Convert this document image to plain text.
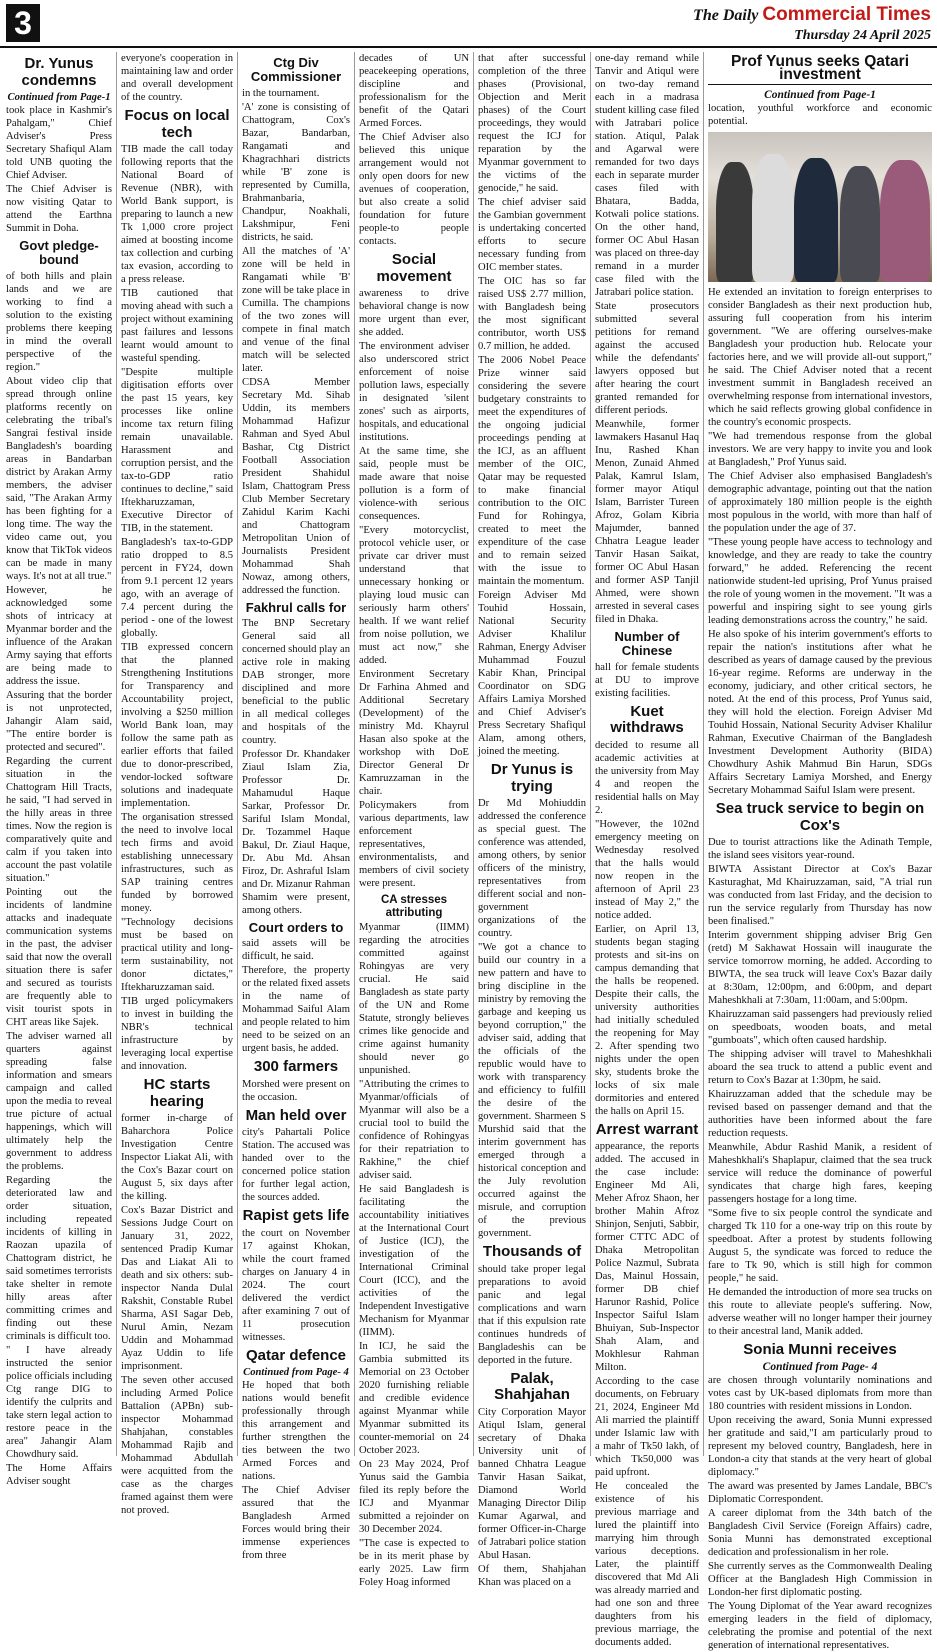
3	The Daily Commercial Times
Thursday 24 April 2025
Dr. Yunus condemns
Continued from Page-1

took place in Kashmir's Pahalgam," Chief Adviser's Press Secretary Shafiqul Alam told UNB quoting the Chief Adviser.

The Chief Adviser is now visiting Qatar to attend the Earthna Summit in Doha.

Govt pledge-bound

of both hills and plain lands and we are working to find a solution to the existing problems there keeping in mind the overall perspective of the region."

About video clip that spread through online platforms recently on celebrating the tribal's Sangrai festival inside Bangladesh's boarding areas in Bandarban district by Arakan Army members, the adviser said, "The Arakan Army has been fighting for a long time. The way the video came out, you know that TikTok videos can be made in many ways. It's not at all true."

However, he acknowledged some shots of intricacy at Myanmar border and the influence of the Arakan Army saying that efforts are being made to address the issue.

Assuring that the border is not unprotected, Jahangir Alam said, "The entire border is protected and secured".

Regarding the current situation in the Chattogram Hill Tracts, he said, "I had served in the hilly areas in three times. Now the region is comparatively quite and calm if you taken into account the past volatile situation."

Pointing out the incidents of landmine attacks and inadequate communication systems in the past, the adviser said that now the overall situation there is safer and secured as tourists are frequently able to visit tourist spots in CHT areas like Sajek.

The adviser warned all quarters against spreading false information and smears campaign and called upon the media to reveal true picture of actual happenings, which will ultimately help the government to address the problems.

Regarding the deteriorated law and order situation, including repeated incidents of killing in Raozan upazila of Chattogram district, he said sometimes terrorists take shelter in remote hilly areas after committing crimes and finding out these criminals is difficult too.

" I have already instructed the senior police officials including Ctg range DIG to identify the culprits and take stern legal action to restore peace in the area" Jahangir Alam Chowdhury said.

The Home Affairs Adviser sought

everyone's cooperation in maintaining law and order and overall development of the country.

Focus on local tech

TIB made the call today following reports that the National Board of Revenue (NBR), with World Bank support, is preparing to launch a new Tk 1,000 crore project aimed at boosting income tax collection and curbing tax evasion, according to a press release.

TIB cautioned that moving ahead with such a project without examining past failures and lessons learnt would amount to wasteful spending.

"Despite multiple digitisation efforts over the past 15 years, key processes like online income tax return filing remain unavailable. Harassment and corruption persist, and the tax-to-GDP ratio continues to decline," said Iftekharuzzaman, Executive Director of TIB, in the statement.

Bangladesh's tax-to-GDP ratio dropped to 8.5 percent in FY24, down from 9.1 percent 12 years ago, with an average of 7.4 percent during the period - one of the lowest globally.

TIB expressed concern that the planned Strengthening Institutions for Transparency and Accountability project, involving a $250 million World Bank loan, may follow the same path as earlier efforts that failed due to donor-prescribed, vendor-locked software solutions and inadequate implementation.

The organisation stressed the need to involve local tech firms and avoid establishing unnecessary infrastructures, such as SAP training centres funded by borrowed money.

"Technology decisions must be based on practical utility and long-term sustainability, not donor dictates," Iftekharuzzaman said.

TIB urged policymakers to invest in building the NBR's technical infrastructure by leveraging local expertise and innovation.

HC starts hearing

former in-charge of Baharchora Police Investigation Centre Inspector Liakat Ali, with the Cox's Bazar court on August 5, six days after the killing.

Cox's Bazar District and Sessions Judge Court on January 31, 2022, sentenced Pradip Kumar Das and Liakat Ali to death and six others: sub-inspector Nanda Dulal Rakshit, Constable Rubel Sharma, ASI Sagar Deb, Nurul Amin, Nezam Uddin and Mohammad Ayaz Uddin to life imprisonment.

The seven other accused including Armed Police Battalion (APBn) sub-inspector Mohammad Shahjahan, constables Mohammad Rajib and Mohammad Abdullah were acquitted from the case as the charges framed against them were not proved.

Ctg Div Commissioner

in the tournament.

'A' zone is consisting of Chattogram, Cox's Bazar, Bandarban, Rangamati and Khagrachhari districts while 'B' zone is represented by Cumilla, Brahmanbaria, Chandpur, Noakhali, Lakshmipur, Feni districts, he said.

All the matches of 'A' zone will be held in Rangamati while 'B' zone will be take place in Cumilla. The champions of the two zones will compete in final match and venue of the final match will be selected later.

CDSA Member Secretary Md. Sihab Uddin, its members Mohammad Hafizur Rahman and Syed Abul Bashar, Ctg District Football Association President Shahidul Islam, Chattogram Press Club Member Secretary Zahidul Karim Kachi and Chattogram Metropolitan Union of Journalists President Mohammad Shah Nowaz, among others, addressed the function.

Fakhrul calls for

The BNP Secretary General said all concerned should play an active role in making DAB stronger, more disciplined and more beneficial to the public in all medical colleges and hospitals of the country.

Professor Dr. Khandaker Ziaul Islam Zia, Professor Dr. Mahamudul Haque Sarkar, Professor Dr. Sariful Islam Mondal, Dr. Tozammel Haque Bakul, Dr. Ziaul Haque, Dr. Abu Md. Ahsan Firoz, Dr. Ashraful Islam and Dr. Mizanur Rahman Shamim were present, among others.

Court orders to

said assets will be difficult, he said.

Therefore, the property or the related fixed assets in the name of Mohammad Saiful Alam and people related to him need to be seized on an urgent basis, he added.

300 farmers

Morshed were present on the occasion.

Man held over

city's Pahartali Police Station. The accused was handed over to the concerned police station for further legal action, the sources added.

Rapist gets life

the court on November 17 against Khokan, while the court framed charges on January 4 in 2024. The court delivered the verdict after examining 7 out of 11 prosecution witnesses.

Qatar defence
Continued from Page- 4

He hoped that both nations would benefit professionally through this arrangement and further strengthen the ties between the two Armed Forces and nations.

The Chief Adviser assured that the Bangladesh Armed Forces would bring their immense experiences from three

decades of UN peacekeeping operations, discipline and professionalism for the benefit of the Qatari Armed Forces.

The Chief Adviser also believed this unique arrangement would not only open doors for new avenues of cooperation, but also create a solid foundation for future people-to people contacts.

Social movement

awareness to drive behavioral change is now more urgent than ever, she added.

The environment adviser also underscored strict enforcement of noise pollution laws, especially in designated 'silent zones' such as airports, hospitals, and educational institutions.

At the same time, she said, people must be made aware that noise pollution is a form of violence-with serious consequences.

"Every motorcyclist, protocol vehicle user, or private car driver must understand that unnecessary honking or playing loud music can seriously harm others' health. If we want relief from noise pollution, we must act now," she added.

Environment Secretary Dr Farhina Ahmed and Additional Secretary (Development) of the ministry Md. Khayrul Hasan also spoke at the workshop with DoE Director General Dr Kamruzzaman in the chair.

Policymakers from various departments, law enforcement representatives, environmentalists, and members of civil society were present.

CA stresses attributing

Myanmar (IIMM) regarding the atrocities committed against Rohingyas are very crucial. He said Bangladesh as state party of the UN and Rome Statute, strongly believes crimes like genocide and crime against humanity should never go unpunished.

"Attributing the crimes to Myanmar/officials of Myanmar will also be a crucial tool to build the confidence of Rohingyas for their repatriation to Rakhine," the chief adviser said.

He said Bangladesh is facilitating the accountability initiatives at the International Court of Justice (ICJ), the investigation of the International Criminal Court (ICC), and the activities of the Independent Investigative Mechanism for Myanmar (IIMM).

In ICJ, he said the Gambia submitted its Memorial on 23 October 2020 furnishing reliable and credible evidence against Myanmar while Myanmar submitted its counter-memorial on 24 October 2023.

On 23 May 2024, Prof Yunus said the Gambia filed its reply before the ICJ and Myanmar submitted a rejoinder on 30 December 2024.

"The case is expected to be in its merit phase by early 2025. Law firm Foley Hoag informed

that after successful completion of the three phases (Provisional, Objection and Merit phases) of the Court proceedings, they would request the ICJ for reparation by the Myanmar government to the victims of the genocide," he said.

The chief adviser said the Gambian government is undertaking concerted efforts to secure necessary funding from OIC member states.

The OIC has so far raised US$ 2.77 million, with Bangladesh being the most significant contributor, worth US$ 0.7 million, he added.

The 2006 Nobel Peace Prize winner said considering the severe budgetary constraints to meet the expenditures of the ongoing judicial proceedings pending at the ICJ, as an affluent member of the OIC, Qatar may be requested to make financial contribution to the OIC Fund for Rohingya, created to meet the expenditure of the case and to remain seized with the issue to maintain the momentum.

Foreign Adviser Md Touhid Hossain, National Security Adviser Khalilur Rahman, Energy Adviser Muhammad Fouzul Kabir Khan, Principal Coordinator on SDG Affairs Lamiya Morshed and Chief Adviser's Press Secretary Shafiqul Alam, among others, joined the meeting.

Dr Yunus is trying

Dr Md Mohiuddin addressed the conference as special guest. The conference was attended, among others, by senior officers of the ministry, representatives from different social and non-government organizations of the country.

"We got a chance to build our country in a new pattern and have to bring discipline in the ministry by removing the garbage and keeping us beyond corruption," the adviser said, adding that the officials of the republic would have to work with transparency and efficiency to fulfill the desire of the government. Sharmeen S Murshid said that the interim government has emerged through a historical conception and the July revolution occurred against the misrule, and corruption of the previous government.

Thousands of

should take proper legal preparations to avoid panic and legal complications and warn that if this expulsion rate continues hundreds of Bangladeshis can be deported in the future.

Palak, Shahjahan

City Corporation Mayor Atiqul Islam, general secretary of Dhaka University unit of banned Chhatra League Tanvir Hasan Saikat, Diamond World Managing Director Dilip Kumar Agarwal, and former Officer-in-Charge of Jatrabari police station Abul Hasan.

Of them, Shahjahan Khan was placed on a

one-day remand while Tanvir and Atiqul were on two-day remand each in a madrasa student killing case filed with Jatrabari police station. Atiqul, Palak and Agarwal were remanded for two days each in separate murder cases filed with Bhatara, Badda, Kotwali police stations. On the other hand, former OC Abul Hasan was placed on three-day remand in a murder case filed with the Jatrabari police station.

State prosecutors submitted several petitions for remand against the accused while the defendants' lawyers opposed but after hearing the court granted remanded for different periods.

Meanwhile, former lawmakers Hasanul Haq Inu, Rashed Khan Menon, Zunaid Ahmed Palak, Kamrul Islam, former mayor Atiqul Islam, Barrister Tureen Afroz, Golam Kibria Majumder, banned Chhatra League leader Tanvir Hasan Saikat, former OC Abul Hasan and former ASP Tanjil Ahmed, were shown arrested in several cases filed in Dhaka.

Number of Chinese

hall for female students at DU to improve existing facilities.

Kuet withdraws

decided to resume all academic activities at the university from May 4 and reopen the residential halls on May 2.

"However, the 102nd emergency meeting on Wednesday resolved that the halls would now reopen in the afternoon of April 23 instead of May 2," the notice added.

Earlier, on April 13, students began staging protests and sit-ins on campus demanding that the halls be reopened. Despite their calls, the university authorities had initially scheduled the reopening for May 2. After spending two nights under the open sky, students broke the locks of six male dormitories and entered the halls on April 15.

Arrest warrant

appearance, the reports added. The accused in the case include: Engineer Md Ali, Meher Afroz Shaon, her brother Mahin Afroz Shinjon, Senjuti, Sabbir, former CTTC ADC of Dhaka Metropolitan Police Nazmul, Subrata Das, Mainul Hossain, former DB chief Harunor Rashid, Police Inspector Saiful Islam Bhuiyan, Sub-Inspector Shah Alam, and Mokhlesur Rahman Milton.

According to the case documents, on February 21, 2024, Engineer Md Ali married the plaintiff under Islamic law with a mahr of Tk50 lakh, of which Tk50,000 was paid upfront.

He concealed the existence of his previous marriage and lured the plaintiff into marrying him through various deceptions. Later, the plaintiff discovered that Md Ali was already married and had one son and three daughters from his previous marriage, the documents added.

Prof Yunus seeks Qatari investment
Continued from Page-1

location, youthful workforce and economic potential.

He extended an invitation to foreign enterprises to consider Bangladesh as their next production hub, assuring full cooperation from his interim government. "We are offering ourselves-make Bangladesh your production hub. Relocate your factories here, and we will provide all-out support," he said. The Chief Adviser noted that a recent investment summit in Bangladesh received an overwhelming response from international investors, which he said reflects growing global confidence in the country's economic prospects.

"We had tremendous response from the global investors. We are very happy to invite you and look at Bangladesh," Prof Yunus said.

The Chief Adviser also emphasised Bangladesh's demographic advantage, pointing out that the nation of approximately 180 million people is the eighth most populous in the world, with more than half of the population under the age of 37.

"These young people have access to technology and knowledge, and they are ready to take the country forward," he added. Referencing the recent nationwide student-led uprising, Prof Yunus praised the role of young women in the movement. "It was a powerful and inspiring sight to see young girls leading demonstrations across the country," he said.

He also spoke of his interim government's efforts to repair the nation's institutions after what he described as years of damage caused by the previous 16-year regime. Reforms are underway in the economy, judiciary, and other critical sectors, he noted. At the end of this process, Prof Yunus said, they will hold the election. Foreign Adviser Md Touhid Hossain, National Security Adviser Khalilur Rahman, Executive Chairman of the Bangladesh Investment Development Authority (BIDA) Chowdhury Ashik Mahmud Bin Harun, SDGs Affairs Secretary Lamiya Morshed, and Energy Secretary Mohammad Saiful Islam were present.

Sea truck service to begin on Cox's

Due to tourist attractions like the Adinath Temple, the island sees visitors year-round.

BIWTA Assistant Director at Cox's Bazar Kasturaghat, Md Khairuzzaman, said, "A trial run was conducted from last Friday, and the decision to run the service regularly from Thursday has now been finalised."

Interim government shipping adviser Brig Gen (retd) M Sakhawat Hossain will inaugurate the service tomorrow morning, he added. According to BIWTA, the sea truck will leave Cox's Bazar daily at 8:30am, 12:00pm, and 6:00pm, and depart Maheshkhali at 7:30am, 11:00am, and 5:00pm.

Khairuzzaman said passengers had previously relied on speedboats, wooden boats, and metal "gumboats", which often caused hardship.

The shipping adviser will travel to Maheshkhali aboard the sea truck to attend a public event and return to Cox's Bazar at 1:30pm, he said.

Khairuzzaman added that the schedule may be revised based on passenger demand and that the authorities have been informed about the fare reduction requests.

Meanwhile, Abdur Rashid Manik, a resident of Maheshkhali's Shaplapur, claimed that the sea truck service will reduce the dominance of powerful syndicates that charge high fares, keeping passengers hostage for a long time.

"Some five to six people control the syndicate and charged Tk 110 for a one-way trip on this route by speedboat. After a protest by students following August 5, the syndicate was forced to reduce the fare to Tk 90, which is still high for common people," he said.

He demanded the introduction of more sea trucks on this route to alleviate people's suffering. Now, adverse weather will no longer hamper their journey to their ancestral land, Manik added.

Sonia Munni receives
Continued from Page- 4

are chosen through voluntarily nominations and votes cast by UK-based diplomats from more than 180 countries with resident missions in London.

Upon receiving the award, Sonia Munni expressed her gratitude and said,"I am particularly proud to represent my beloved country, Bangladesh, here in London-a city that stands at the very heart of global diplomacy."

The award was presented by James Landale, BBC's Diplomatic Correspondent.

A career diplomat from the 34th batch of the Bangladesh Civil Service (Foreign Affairs) cadre, Sonia Munni has demonstrated exceptional dedication and professionalism in her role.

She currently serves as the Commonwealth Dealing Officer at the Bangladesh High Commission in London-her first diplomatic posting.

The Young Diplomat of the Year award recognizes emerging leaders in the field of diplomacy, celebrating the promise and potential of the next generation of international representatives.
